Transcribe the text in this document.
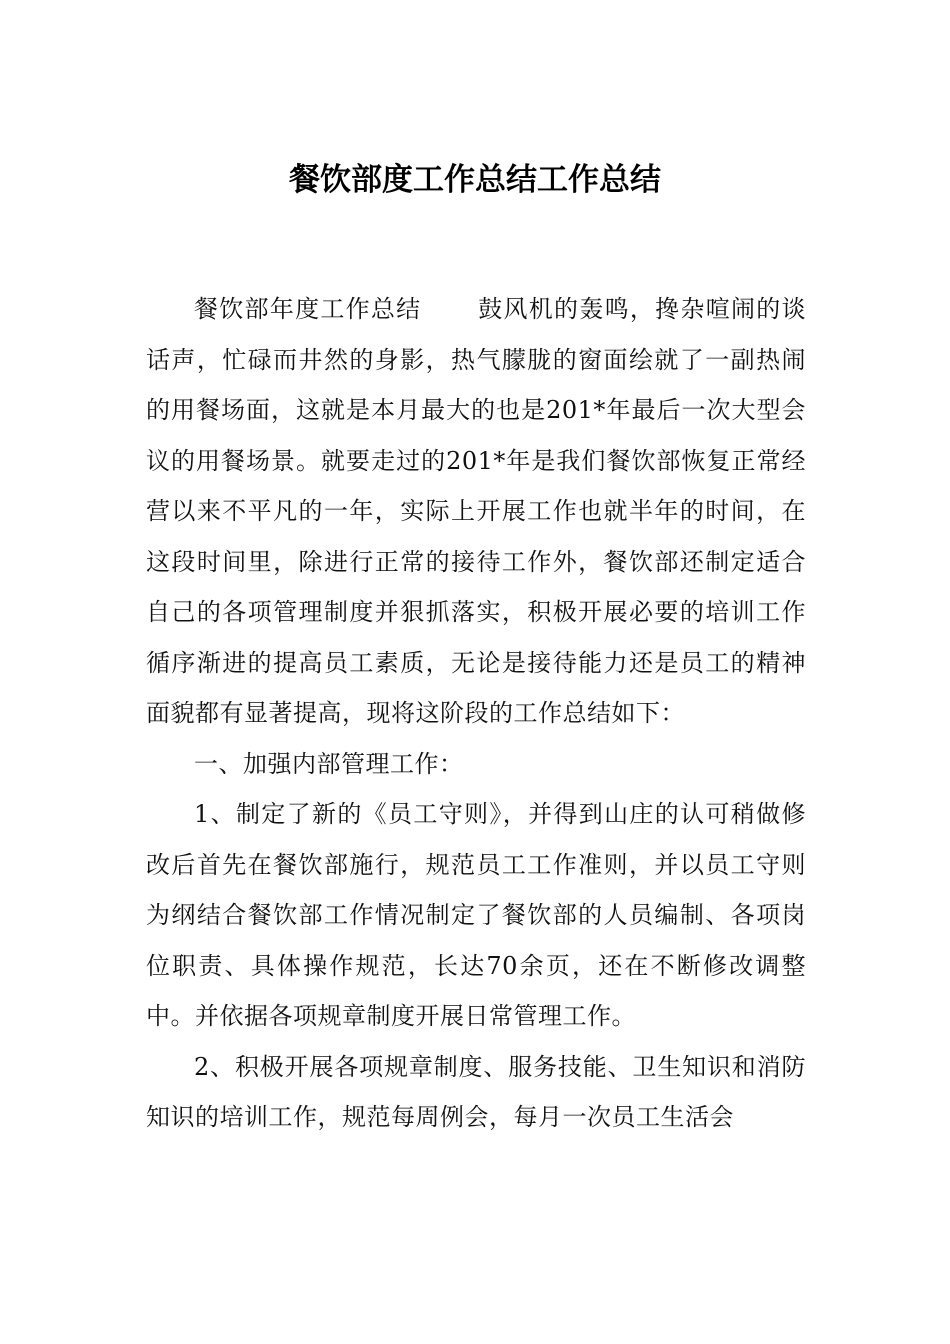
餐饮部度工作总结工作总结

餐饮部年度工作总结 鼓风机的轰鸣，搀杂喧闹的谈话声，忙碌而井然的身影，热气朦胧的窗面绘就了一副热闹的用餐场面，这就是本月最大的也是201*年最后一次大型会议的用餐场景。就要走过的201*年是我们餐饮部恢复正常经营以来不平凡的一年，实际上开展工作也就半年的时间，在这段时间里，除进行正常的接待工作外，餐饮部还制定适合自己的各项管理制度并狠抓落实，积极开展必要的培训工作循序渐进的提高员工素质，无论是接待能力还是员工的精神面貌都有显著提高，现将这阶段的工作总结如下：

一、加强内部管理工作：

1、制定了新的《员工守则》，并得到山庄的认可稍做修改后首先在餐饮部施行，规范员工工作准则，并以员工守则为纲结合餐饮部工作情况制定了餐饮部的人员编制、各项岗位职责、具体操作规范，长达70余页，还在不断修改调整中。并依据各项规章制度开展日常管理工作。

2、积极开展各项规章制度、服务技能、卫生知识和消防知识的培训工作，规范每周例会，每月一次员工生活会
